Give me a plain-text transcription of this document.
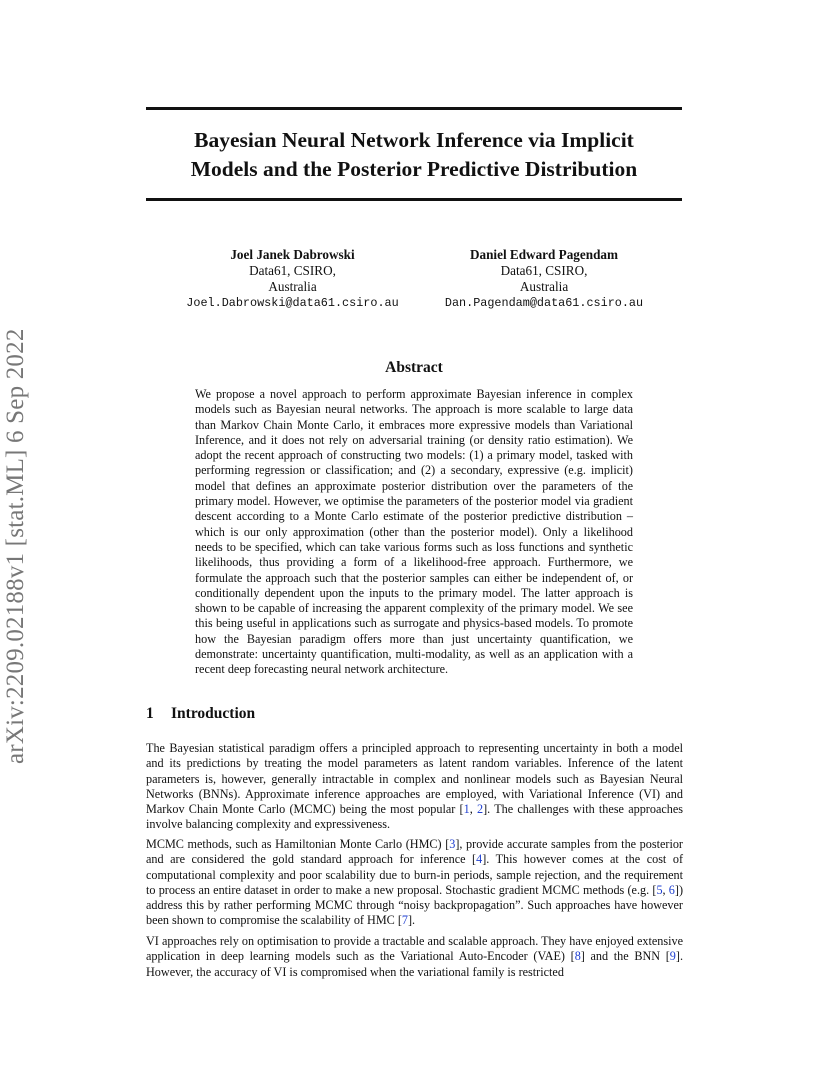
arXiv:2209.02188v1 [stat.ML] 6 Sep 2022
Bayesian Neural Network Inference via Implicit
Models and the Posterior Predictive Distribution
Joel Janek Dabrowski
Data61, CSIRO,
Australia
Joel.Dabrowski@data61.csiro.au
Daniel Edward Pagendam
Data61, CSIRO,
Australia
Dan.Pagendam@data61.csiro.au
Abstract
We propose a novel approach to perform approximate Bayesian inference in complex models such as Bayesian neural networks. The approach is more scalable to large data than Markov Chain Monte Carlo, it embraces more expressive models than Variational Inference, and it does not rely on adversarial training (or density ratio estimation). We adopt the recent approach of constructing two models: (1) a primary model, tasked with performing regression or classification; and (2) a secondary, expressive (e.g. implicit) model that defines an approximate posterior distribution over the parameters of the primary model. However, we optimise the parameters of the posterior model via gradient descent according to a Monte Carlo estimate of the posterior predictive distribution – which is our only approximation (other than the posterior model). Only a likelihood needs to be specified, which can take various forms such as loss functions and synthetic likelihoods, thus providing a form of a likelihood-free approach. Furthermore, we formulate the approach such that the posterior samples can either be independent of, or conditionally dependent upon the inputs to the primary model. The latter approach is shown to be capable of increasing the apparent complexity of the primary model. We see this being useful in applications such as surrogate and physics-based models. To promote how the Bayesian paradigm offers more than just uncertainty quantification, we demonstrate: uncertainty quantification, multi-modality, as well as an application with a recent deep forecasting neural network architecture.
1 Introduction
The Bayesian statistical paradigm offers a principled approach to representing uncertainty in both a model and its predictions by treating the model parameters as latent random variables. Inference of the latent parameters is, however, generally intractable in complex and nonlinear models such as Bayesian Neural Networks (BNNs). Approximate inference approaches are employed, with Variational Inference (VI) and Markov Chain Monte Carlo (MCMC) being the most popular [1, 2]. The challenges with these approaches involve balancing complexity and expressiveness.
MCMC methods, such as Hamiltonian Monte Carlo (HMC) [3], provide accurate samples from the posterior and are considered the gold standard approach for inference [4]. This however comes at the cost of computational complexity and poor scalability due to burn-in periods, sample rejection, and the requirement to process an entire dataset in order to make a new proposal. Stochastic gradient MCMC methods (e.g. [5, 6]) address this by rather performing MCMC through “noisy backpropagation”. Such approaches have however been shown to compromise the scalability of HMC [7].
VI approaches rely on optimisation to provide a tractable and scalable approach. They have enjoyed extensive application in deep learning models such as the Variational Auto-Encoder (VAE) [8] and the BNN [9]. However, the accuracy of VI is compromised when the variational family is restricted
